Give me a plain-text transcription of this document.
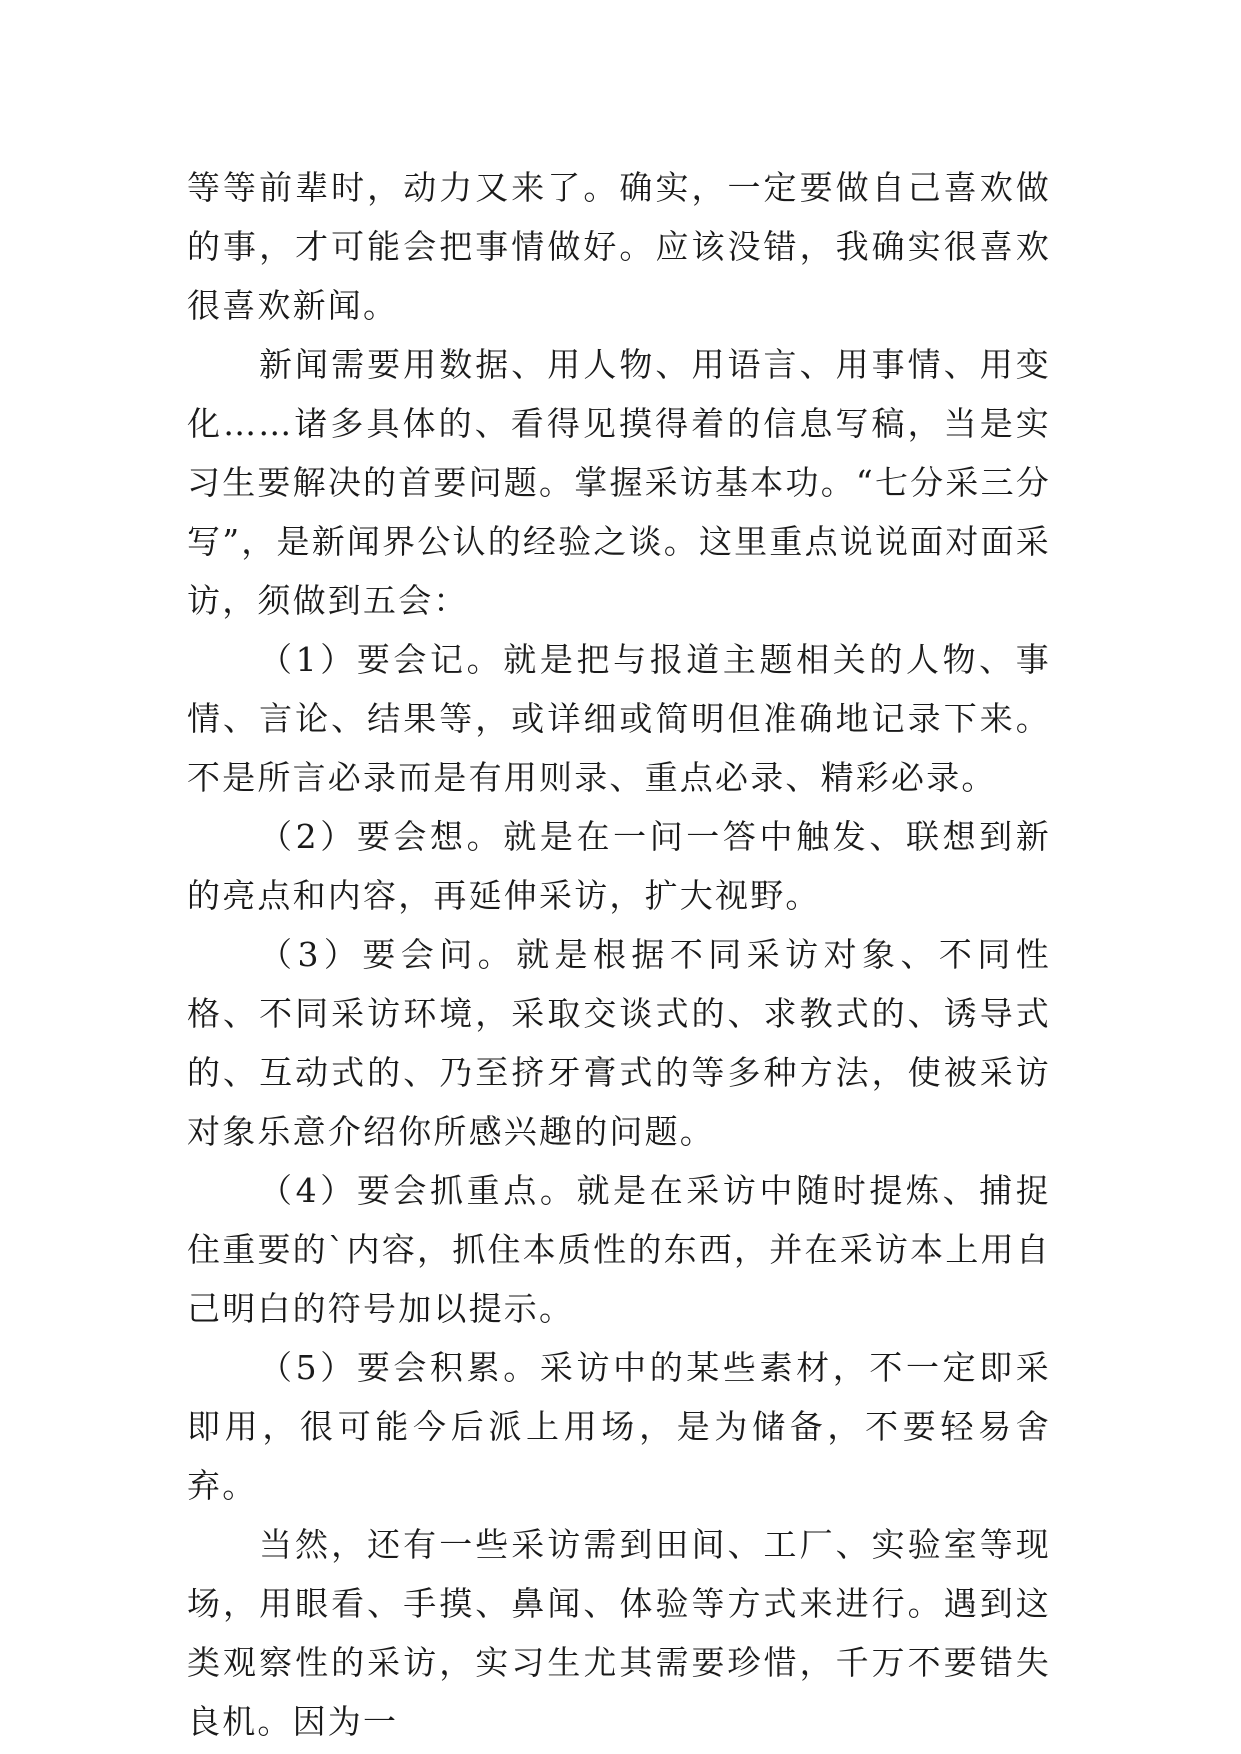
等等前辈时，动力又来了。确实，一定要做自己喜欢做的事，才可能会把事情做好。应该没错，我确实很喜欢很喜欢新闻。

新闻需要用数据、用人物、用语言、用事情、用变化……诸多具体的、看得见摸得着的信息写稿，当是实习生要解决的首要问题。掌握采访基本功。“七分采三分写”，是新闻界公认的经验之谈。这里重点说说面对面采访，须做到五会：

（1）要会记。就是把与报道主题相关的人物、事情、言论、结果等，或详细或简明但准确地记录下来。不是所言必录而是有用则录、重点必录、精彩必录。

（2）要会想。就是在一问一答中触发、联想到新的亮点和内容，再延伸采访，扩大视野。

（3）要会问。就是根据不同采访对象、不同性格、不同采访环境，采取交谈式的、求教式的、诱导式的、互动式的、乃至挤牙膏式的等多种方法，使被采访对象乐意介绍你所感兴趣的问题。

（4）要会抓重点。就是在采访中随时提炼、捕捉住重要的`内容，抓住本质性的东西，并在采访本上用自己明白的符号加以提示。

（5）要会积累。采访中的某些素材，不一定即采即用，很可能今后派上用场，是为储备，不要轻易舍弃。

当然，还有一些采访需到田间、工厂、实验室等现场，用眼看、手摸、鼻闻、体验等方式来进行。遇到这类观察性的采访，实习生尤其需要珍惜，千万不要错失良机。因为一
